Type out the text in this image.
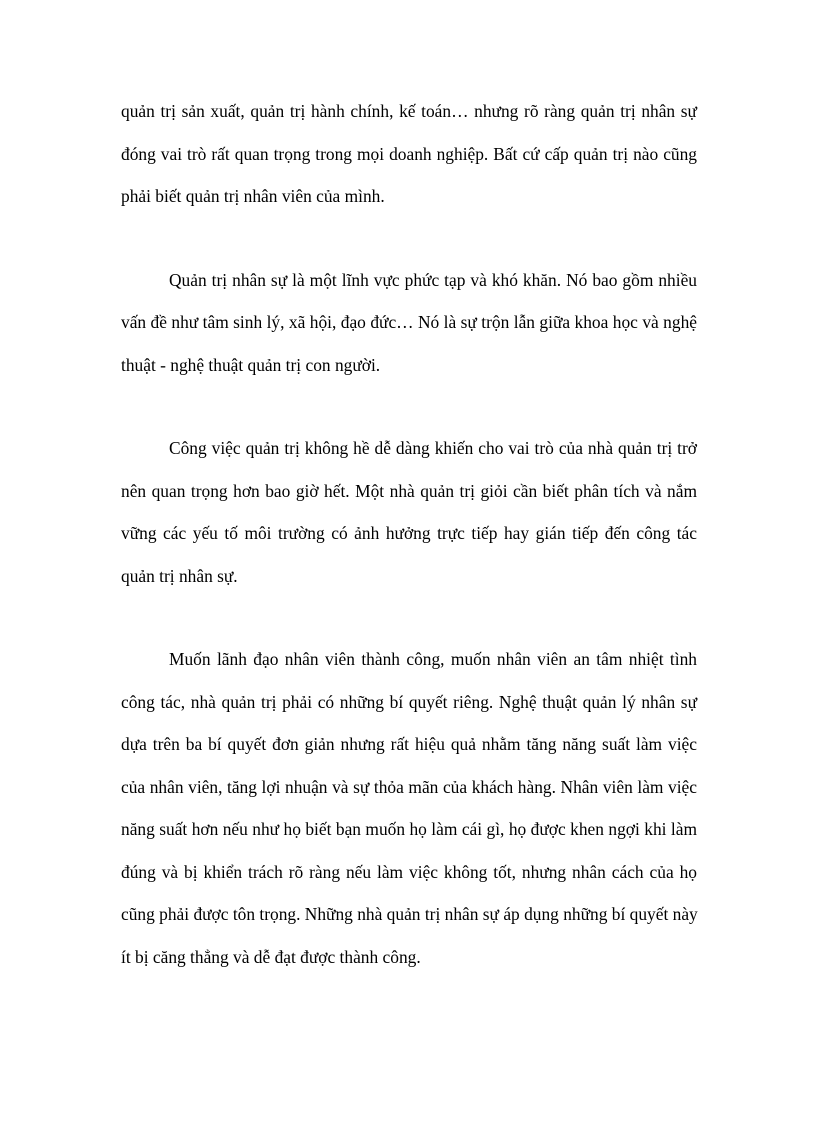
quản trị sản xuất, quản trị hành chính, kế toán… nhưng rõ ràng quản trị nhân sự
đóng vai trò rất quan trọng trong mọi doanh nghiệp. Bất cứ cấp quản trị nào cũng
phải biết quản trị nhân viên của mình.
Quản trị nhân sự là một lĩnh vực phức tạp và khó khăn. Nó bao gồm nhiều
vấn đề như tâm sinh lý, xã hội, đạo đức… Nó là sự trộn lẫn giữa khoa học và nghệ
thuật - nghệ thuật quản trị con người.
Công việc quản trị không hề dễ dàng khiến cho vai trò của nhà quản trị trở
nên quan trọng hơn bao giờ hết. Một nhà quản trị giỏi cần biết phân tích và nắm
vững các yếu tố môi trường có ảnh hưởng trực tiếp hay gián tiếp đến công tác
quản trị nhân sự.
Muốn lãnh đạo nhân viên thành công, muốn nhân viên an tâm nhiệt tình
công tác, nhà quản trị phải có những bí quyết riêng. Nghệ thuật quản lý nhân sự
dựa trên ba bí quyết đơn giản nhưng rất hiệu quả nhằm tăng năng suất làm việc
của nhân viên, tăng lợi nhuận và sự thỏa mãn của khách hàng. Nhân viên làm việc
năng suất hơn nếu như họ biết bạn muốn họ làm cái gì, họ được khen ngợi khi làm
đúng và bị khiển trách rõ ràng nếu làm việc không tốt, nhưng nhân cách của họ
cũng phải được tôn trọng. Những nhà quản trị nhân sự áp dụng những bí quyết này
ít bị căng thẳng và dễ đạt được thành công.
